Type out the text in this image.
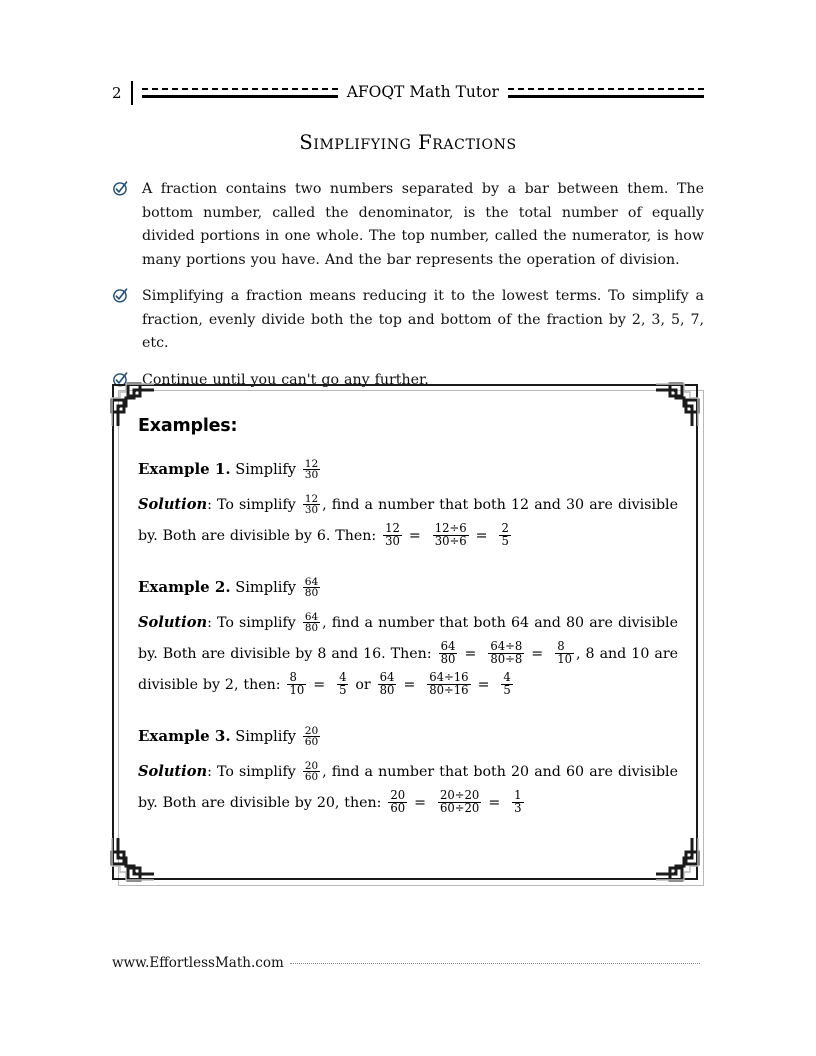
2	AFOQT Math Tutor
Simplifying Fractions
A fraction contains two numbers separated by a bar between them. The bottom number, called the denominator, is the total number of equally divided portions in one whole. The top number, called the numerator, is how many portions you have. And the bar represents the operation of division.
Simplifying a fraction means reducing it to the lowest terms. To simplify a fraction, evenly divide both the top and bottom of the fraction by 2, 3, 5, 7, etc.
Continue until you can't go any further.
Examples:
Example 1. Simplify $\frac{12}{30}$
Solution: To simplify $\frac{12}{30}$ , find a number that both 12 and 30 are divisible by. Both are divisible by 6. Then: $\frac{12}{30} = \frac{12\div 6}{30\div 6} = \frac{2}{5}$
Example 2. Simplify $\frac{64}{80}$
Solution: To simplify $\frac{64}{80}$ , find a number that both 64 and 80 are divisible by. Both are divisible by 8 and 16. Then: $\frac{64}{80} = \frac{64\div 8}{80\div 8} = \frac{8}{10}$ , 8 and 10 are divisible by 2, then: $\frac{8}{10} = \frac{4}{5}$ or $\frac{64}{80} = \frac{64\div 16}{80\div 16} = \frac{4}{5}$
Example 3. Simplify $\frac{20}{60}$
Solution: To simplify $\frac{20}{60}$ , find a number that both 20 and 60 are divisible by. Both are divisible by 20, then: $\frac{20}{60} = \frac{20\div 20}{60\div 20} = \frac{1}{3}$
www.EffortlessMath.com
